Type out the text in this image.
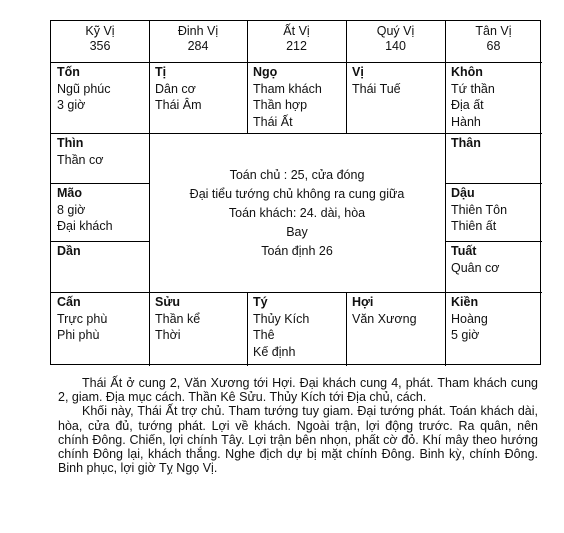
Kỹ Vị
356
Đinh Vị
284
Ất Vị
212
Quý Vị
140
Tân Vị
68
Tốn
Ngũ phúc
3 giờ
Tị
Dân cơ
Thái Âm
Ngọ
Tham khách
Thần hợp
Thái Ất
Vị
Thái Tuế
Khôn
Tứ thần
Địa ất
Hành
Thìn
Thần cơ
Thân
Mão
8 giờ
Đại khách
Dậu
Thiên Tôn
Thiên ất
Dần	Tuất
Quân cơ
Toán chủ : 25, cửa đóng
Đại tiểu tướng chủ không ra cung giữa
Toán khách: 24. dài, hòa
Bay
Toán định 26
Cấn
Trực phù
Phi phù
Sửu
Thần kể
Thời
Tý
Thủy Kích
Thê
Kế định
Hợi
Văn Xương
Kiền
Hoàng
5 giờ

Thái Ất ở cung 2, Văn Xương tới Hợi. Đại khách cung 4, phát. Tham khách cung 2, giam. Địa mục cách. Thần Kê Sửu. Thủy Kích tới Địa chủ, cách.

Khối này, Thái Ất trợ chủ. Tham tướng tuy giam. Đại tướng phát. Toán khách dài, hòa, cửa đủ, tướng phát. Lợi về khách. Ngoài trận, lợi động trước. Ra quân, nên chính Đông. Chiến, lợi chính Tây. Lợi trận bên nhọn, phất cờ đỏ. Khí mây theo hướng chính Đông lại, khách thắng. Nghe địch dự bị mặt chính Đông. Binh kỳ, chính Đông. Binh phục, lợi giờ Tỵ Ngọ Vị.
